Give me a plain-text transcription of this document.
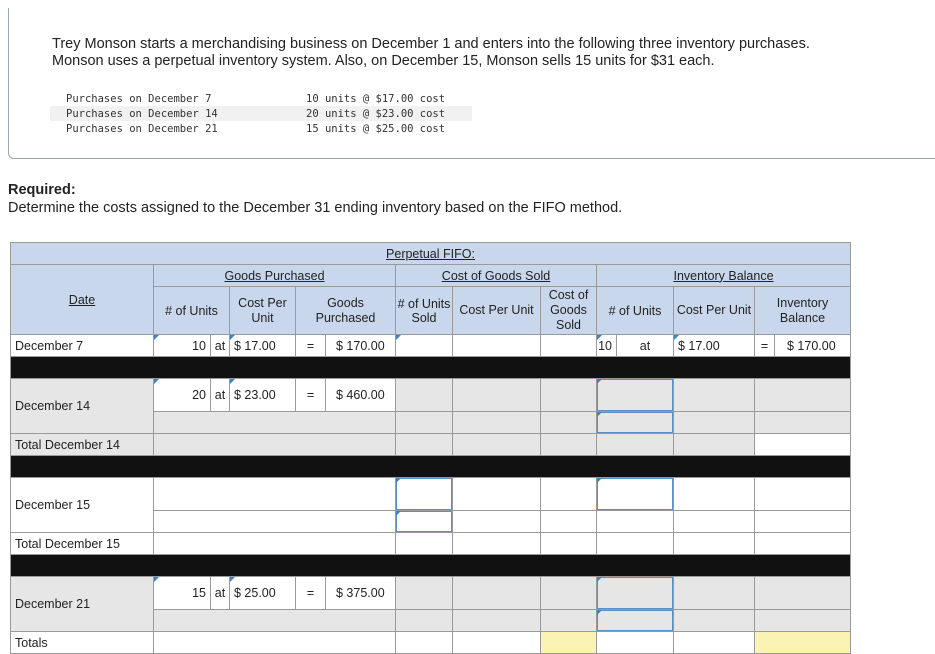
Trey Monson starts a merchandising business on December 1 and enters into the following three inventory purchases.
Monson uses a perpetual inventory system. Also, on December 15, Monson sells 15 units for $31 each.
Purchases on December 7	10 units @ $17.00 cost
Purchases on December 14	20 units @ $23.00 cost
Purchases on December 21	15 units @ $25.00 cost
Required:
Determine the costs assigned to the December 31 ending inventory based on the FIFO method.
Perpetual FIFO:													
Date	Goods Purchased					Cost of Goods Sold			Inventory Balance				
	# of Units		Cost Per Unit	Goods Purchased		# of Units Sold	Cost Per Unit	Cost of Goods Sold	# of Units		Cost Per Unit	Inventory Balance	
December 7	10	at	$ 17.00	=	$ 170.00				10	at	$ 17.00	=	$ 170.00

December 14	20	at	$ 23.00	=	$ 460.00								

Total December 14													

December 15													

Total December 15													

December 21	15	at	$ 25.00	=	$ 375.00								

Totals													
